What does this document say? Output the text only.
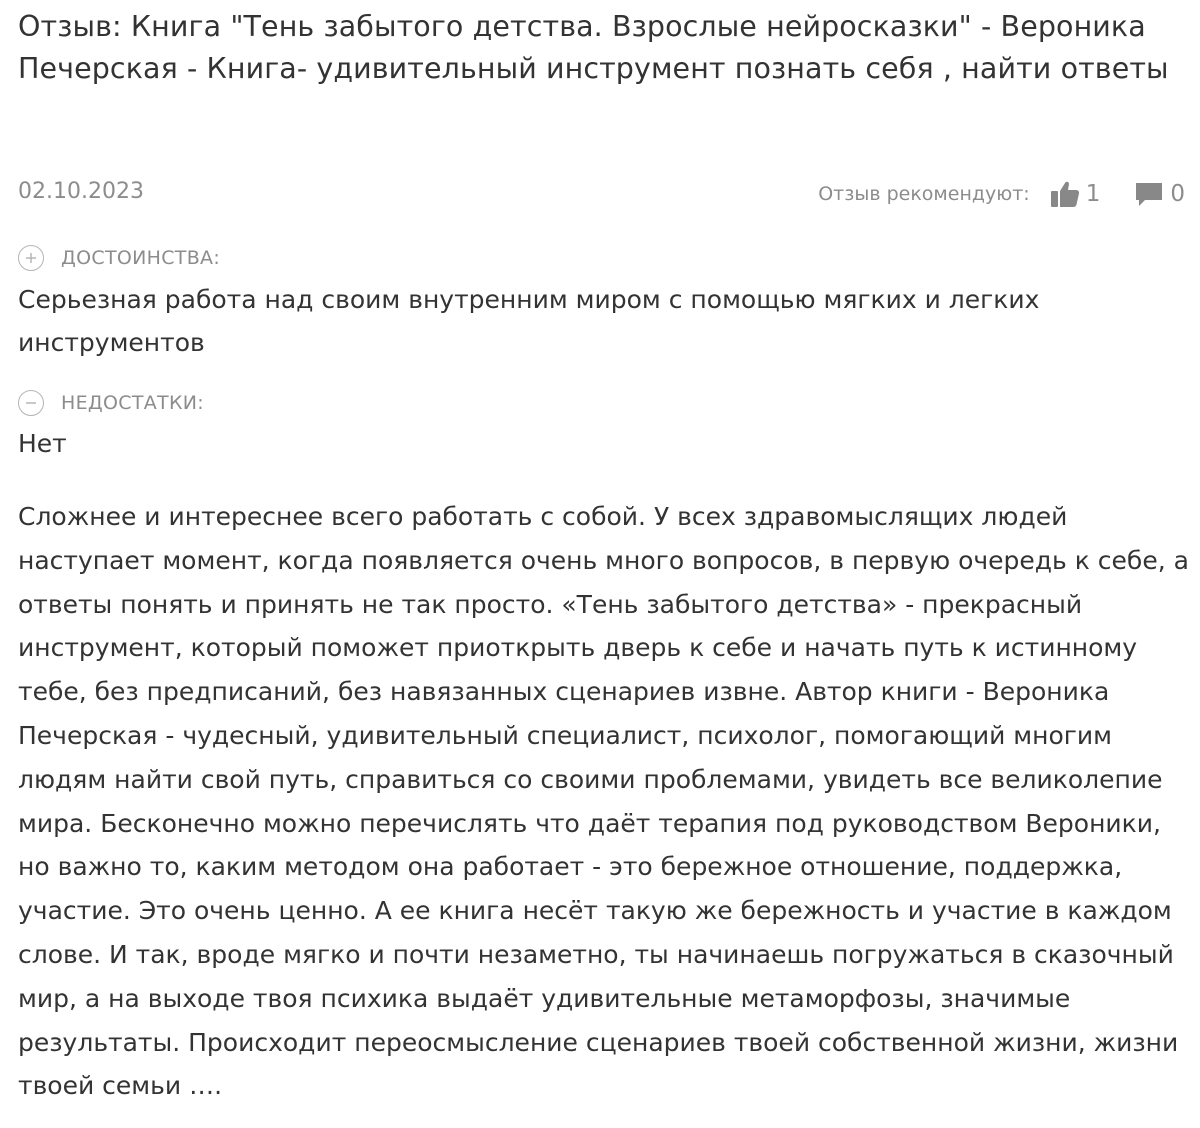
Отзыв: Книга "Тень забытого детства. Взрослые нейросказки" - Вероника Печерская - Книга- удивительный инструмент познать себя , найти ответы
02.10.2023	Отзыв рекомендуют: 1	0
ДОСТОИНСТВА:

Серьезная работа над своим внутренним миром с помощью мягких и легких инструментов

НЕДОСТАТКИ:

Нет

Сложнее и интереснее всего работать с собой. У всех здравомыслящих людей наступает момент, когда появляется очень много вопросов, в первую очередь к себе, а ответы понять и принять не так просто. «Тень забытого детства» - прекрасный инструмент, который поможет приоткрыть дверь к себе и начать путь к истинному тебе, без предписаний, без навязанных сценариев извне. Автор книги - Вероника Печерская - чудесный, удивительный специалист, психолог, помогающий многим людям найти свой путь, справиться со своими проблемами, увидеть все великолепие мира. Бесконечно можно перечислять что даёт терапия под руководством Вероники, но важно то, каким методом она работает - это бережное отношение, поддержка, участие. Это очень ценно. А ее книга несёт такую же бережность и участие в каждом слове. И так, вроде мягко и почти незаметно, ты начинаешь погружаться в сказочный мир, а на выходе твоя психика выдаёт удивительные метаморфозы, значимые результаты. Происходит переосмысление сценариев твоей собственной жизни, жизни твоей семьи ….
